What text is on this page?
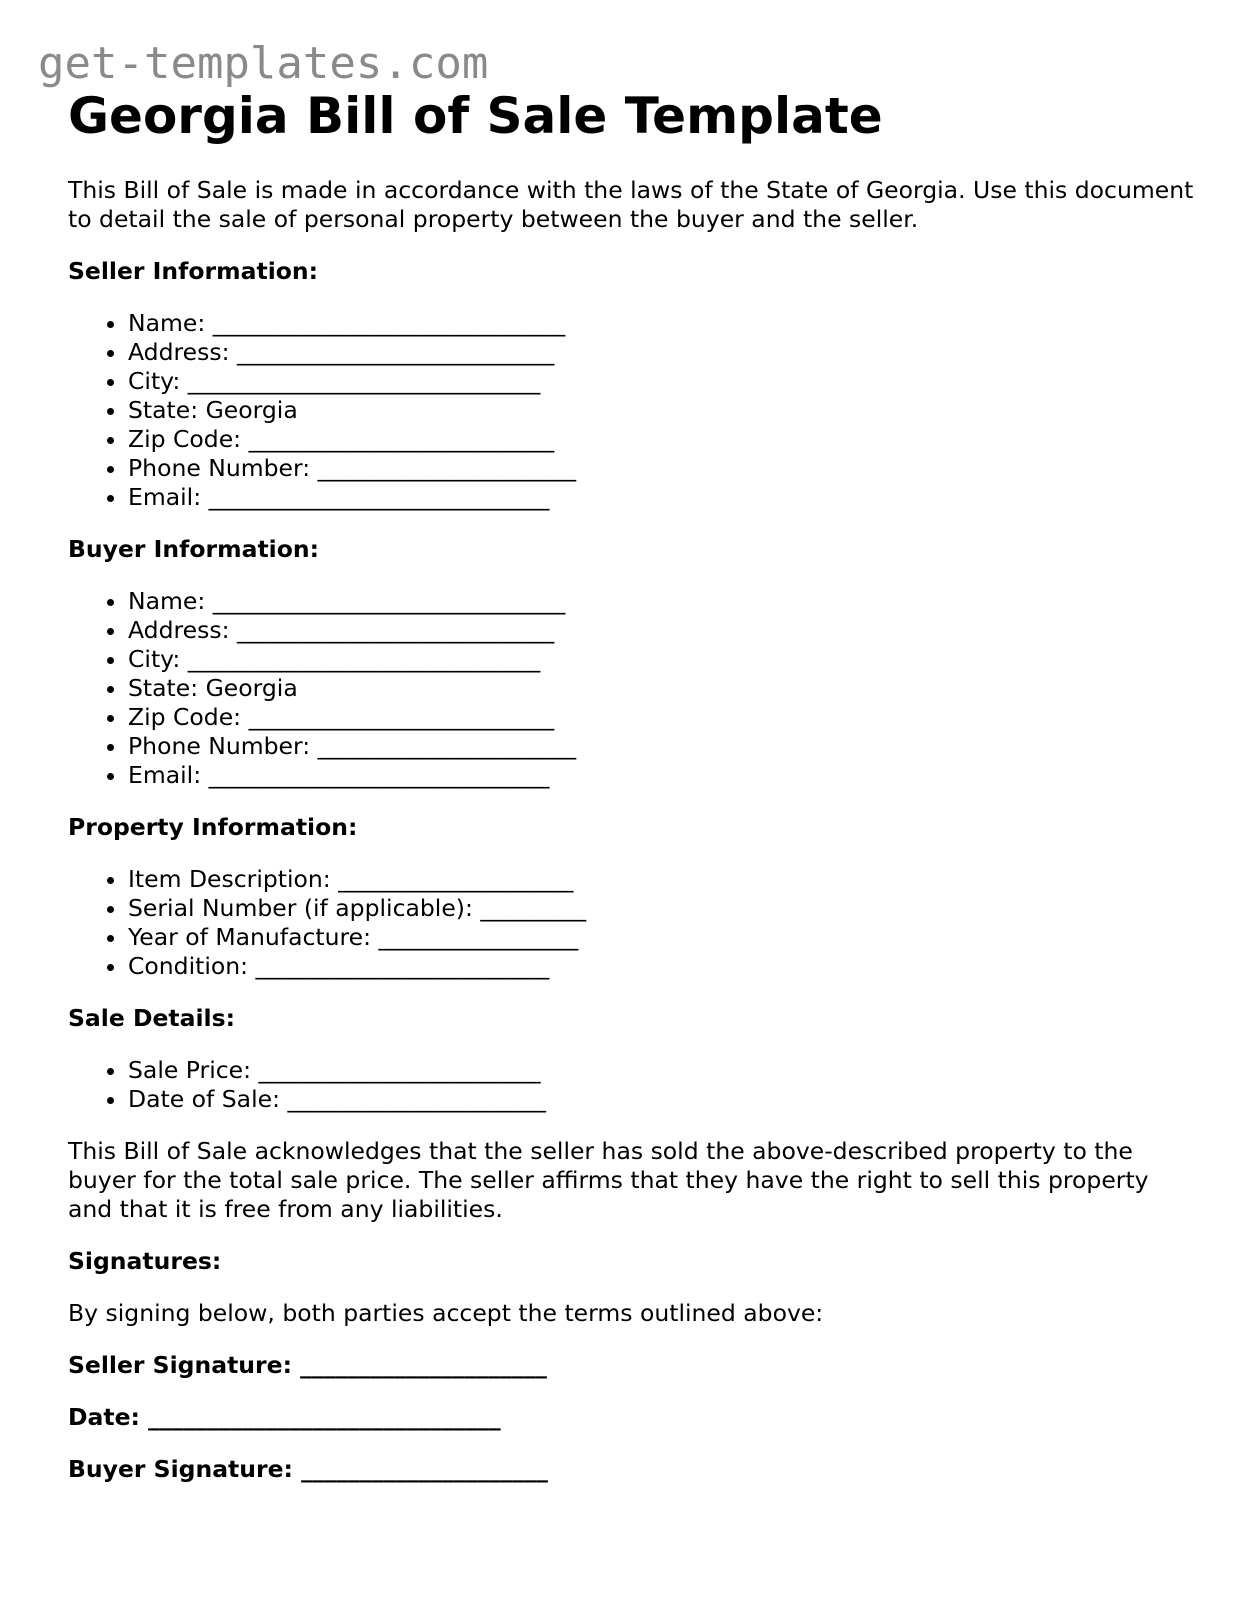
get-templates.com
Georgia Bill of Sale Template

This Bill of Sale is made in accordance with the laws of the State of Georgia. Use this document to detail the sale of personal property between the buyer and the seller.

Seller Information:
• Name: ______________________________
• Address: ___________________________
• City: ______________________________
• State: Georgia
• Zip Code: __________________________
• Phone Number: ______________________
• Email: _____________________________
Buyer Information:
• Name: ______________________________
• Address: ___________________________
• City: ______________________________
• State: Georgia
• Zip Code: __________________________
• Phone Number: ______________________
• Email: _____________________________
Property Information:
• Item Description: ____________________
• Serial Number (if applicable): _________
• Year of Manufacture: _________________
• Condition: _________________________
Sale Details:
• Sale Price: ________________________
• Date of Sale: ______________________

This Bill of Sale acknowledges that the seller has sold the above-described property to the buyer for the total sale price. The seller affirms that they have the right to sell this property and that it is free from any liabilities.

Signatures:

By signing below, both parties accept the terms outlined above:

Seller Signature: _____________________

Date: ______________________________

Buyer Signature: _____________________
